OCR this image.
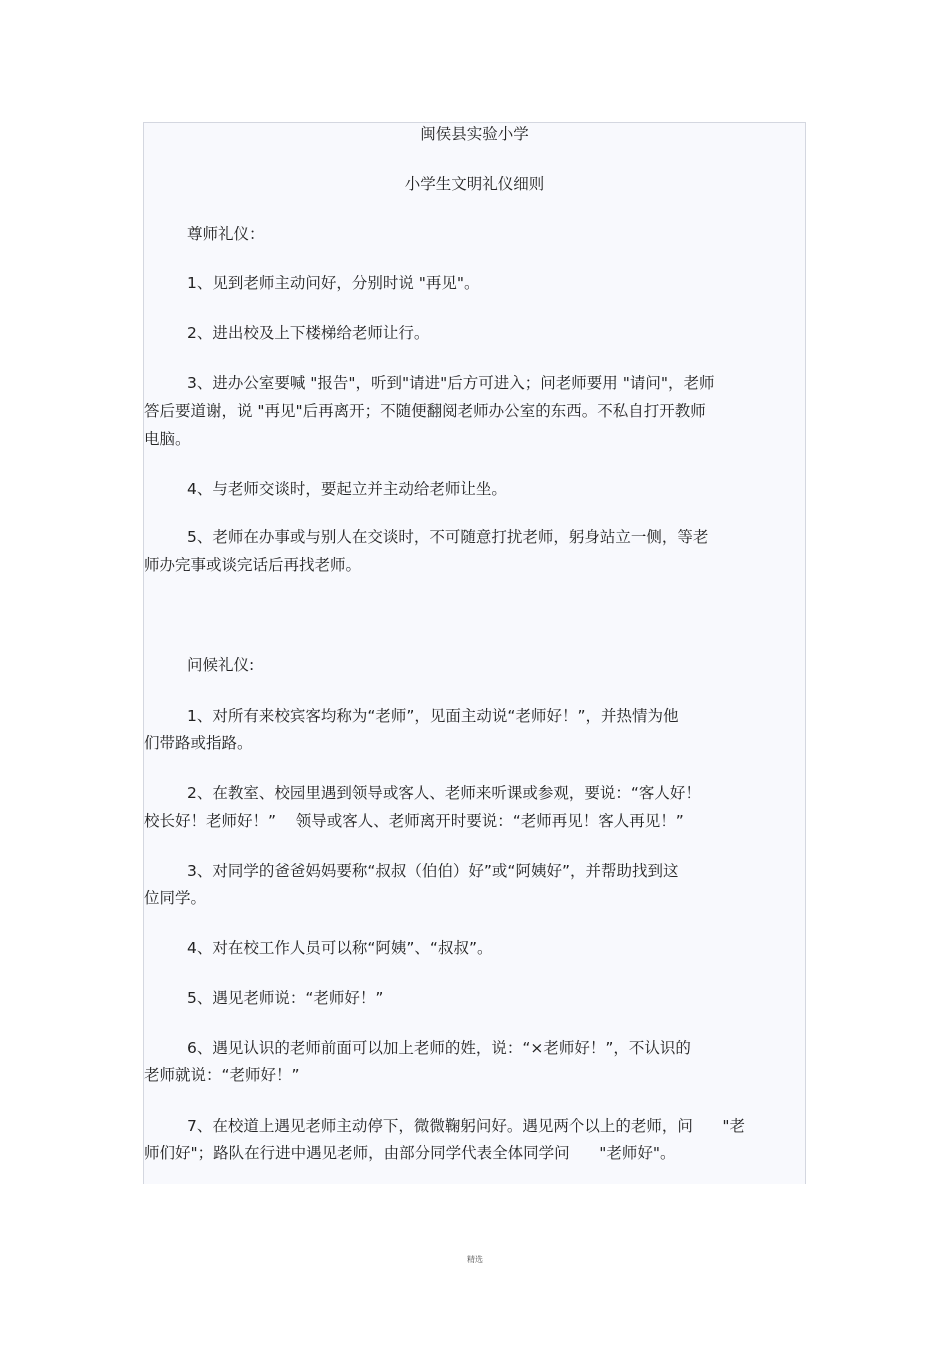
闽侯县实验小学
小学生文明礼仪细则
尊师礼仪：
1、见到老师主动问好，分别时说 "再见"。
2、进出校及上下楼梯给老师让行。
3、进办公室要喊 "报告"，听到"请进"后方可进入；问老师要用 "请问"，老师
答后要道谢，说 "再见"后再离开；不随便翻阅老师办公室的东西。不私自打开教师
电脑。
4、与老师交谈时，要起立并主动给老师让坐。
5、老师在办事或与别人在交谈时，不可随意打扰老师，躬身站立一侧，等老
师办完事或谈完话后再找老师。
问候礼仪:
1、对所有来校宾客均称为“老师”，见面主动说“老师好！”，并热情为他
们带路或指路。
2、在教室、校园里遇到领导或客人、老师来听课或参观，要说：“客人好！
校长好！老师好！”    领导或客人、老师离开时要说：“老师再见！客人再见！”
3、对同学的爸爸妈妈要称“叔叔（伯伯）好”或“阿姨好”，并帮助找到这
位同学。
4、对在校工作人员可以称“阿姨”、“叔叔”。
5、遇见老师说：“老师好！”
6、遇见认识的老师前面可以加上老师的姓，说：“×老师好！”，不认识的
老师就说：“老师好！”
7、在校道上遇见老师主动停下，微微鞠躬问好。遇见两个以上的老师，问      "老
师们好"；路队在行进中遇见老师，由部分同学代表全体同学问      "老师好"。
精选
